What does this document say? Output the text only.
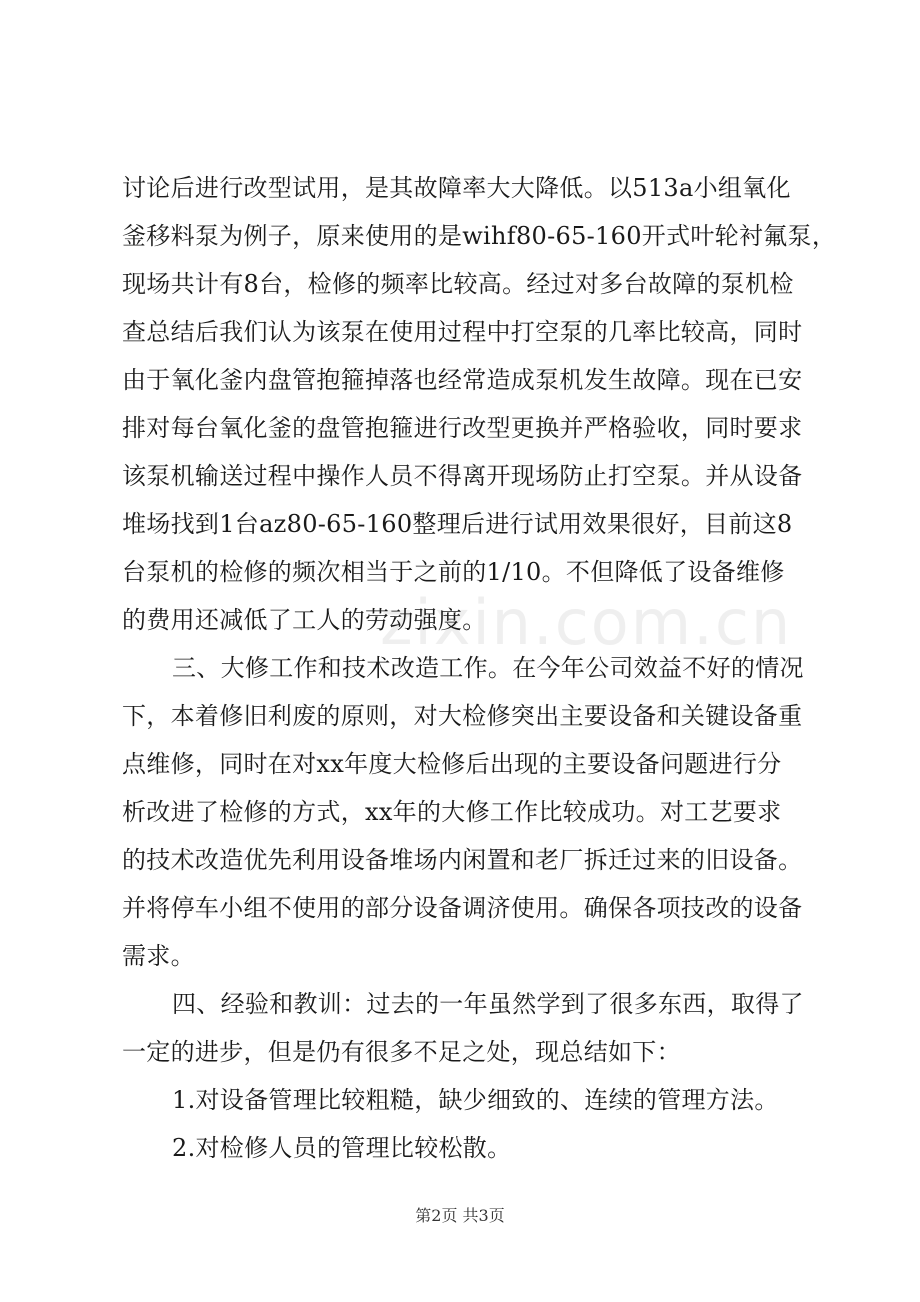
zixin.com.cn
讨论后进行改型试用，是其故障率大大降低。以513a小组氧化
釜移料泵为例子，原来使用的是wihf80-65-160开式叶轮衬氟泵，
现场共计有8台，检修的频率比较高。经过对多台故障的泵机检
查总结后我们认为该泵在使用过程中打空泵的几率比较高，同时
由于氧化釜内盘管抱箍掉落也经常造成泵机发生故障。现在已安
排对每台氧化釜的盘管抱箍进行改型更换并严格验收，同时要求
该泵机输送过程中操作人员不得离开现场防止打空泵。并从设备
堆场找到1台az80-65-160整理后进行试用效果很好，目前这8
台泵机的检修的频次相当于之前的1/10。不但降低了设备维修
的费用还减低了工人的劳动强度。
三、大修工作和技术改造工作。在今年公司效益不好的情况
下，本着修旧利废的原则，对大检修突出主要设备和关键设备重
点维修，同时在对xx年度大检修后出现的主要设备问题进行分
析改进了检修的方式，xx年的大修工作比较成功。对工艺要求
的技术改造优先利用设备堆场内闲置和老厂拆迁过来的旧设备。
并将停车小组不使用的部分设备调济使用。确保各项技改的设备
需求。
四、经验和教训：过去的一年虽然学到了很多东西，取得了
一定的进步，但是仍有很多不足之处，现总结如下：
1.对设备管理比较粗糙，缺少细致的、连续的管理方法。
2.对检修人员的管理比较松散。
第2页 共3页
